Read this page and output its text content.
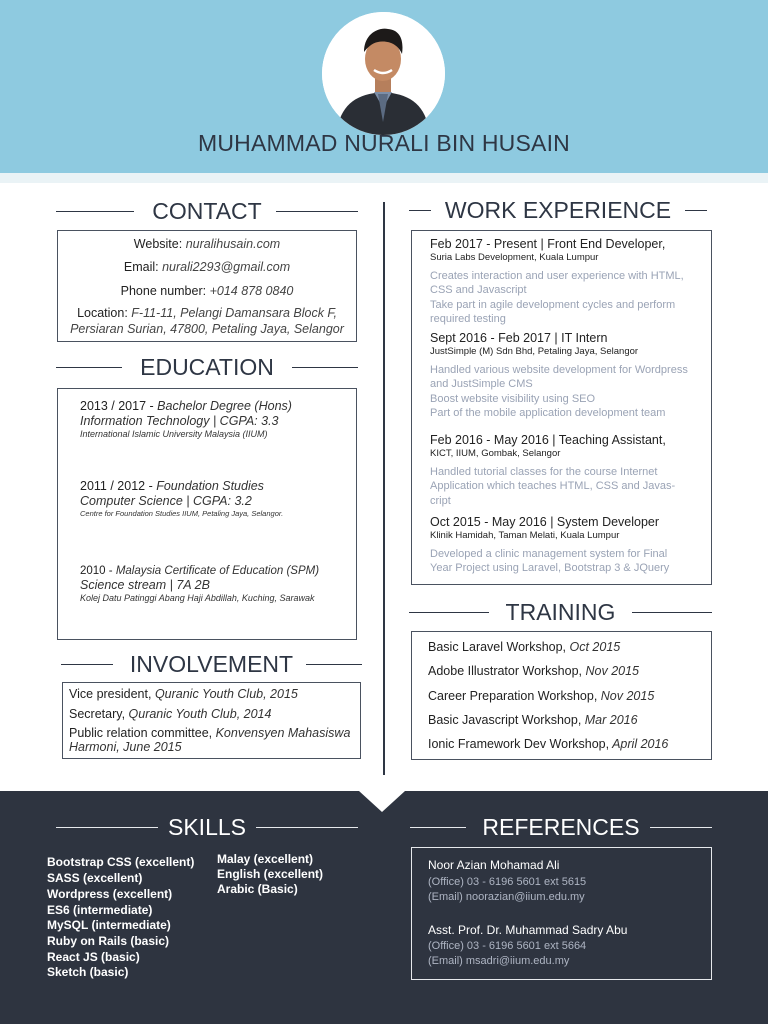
MUHAMMAD NURALI BIN HUSAIN
CONTACT
Website: nuralihusain.com
Email: nurali2293@gmail.com
Phone number: +014 878 0840
Location: F-11-11, Pelangi Damansara Block F,
Persiaran Surian, 47800, Petaling Jaya, Selangor
EDUCATION
2013 / 2017 - Bachelor Degree (Hons)
Information Technology | CGPA: 3.3
International Islamic University Malaysia (IIUM)
2011 / 2012 - Foundation Studies
Computer Science | CGPA: 3.2
Centre for Foundation Studies IIUM, Petaling Jaya, Selangor.
2010 - Malaysia Certificate of Education (SPM)
Science stream | 7A 2B
Kolej Datu Patinggi Abang Haji Abdillah, Kuching, Sarawak
INVOLVEMENT
Vice president, Quranic Youth Club, 2015
Secretary, Quranic Youth Club, 2014
Public relation committee, Konvensyen Mahasiswa
Harmoni, June 2015
WORK EXPERIENCE
Feb 2017 - Present | Front End Developer,
Suria Labs Development, Kuala Lumpur
Creates interaction and user experience with HTML,
CSS and Javascript
Take part in agile development cycles and perform
required testing
Sept 2016 - Feb 2017 | IT Intern
JustSimple (M) Sdn Bhd, Petaling Jaya, Selangor
Handled various website development for Wordpress
and JustSimple CMS
Boost website visibility using SEO
Part of the mobile application development team
Feb 2016 - May 2016 | Teaching Assistant,
KICT, IIUM, Gombak, Selangor
Handled tutorial classes for the course Internet
Application which teaches HTML, CSS and Javas-
cript
Oct 2015 - May 2016 | System Developer
Klinik Hamidah, Taman Melati, Kuala Lumpur
Developed a clinic management system for Final
Year Project using Laravel, Bootstrap 3 & JQuery
TRAINING
Basic Laravel Workshop, Oct 2015
Adobe Illustrator Workshop, Nov 2015
Career Preparation Workshop, Nov 2015
Basic Javascript Workshop, Mar 2016
Ionic Framework Dev Workshop, April 2016
SKILLS
Bootstrap CSS (excellent)
SASS (excellent)
Wordpress (excellent)
ES6 (intermediate)
MySQL (intermediate)
Ruby on Rails (basic)
React JS (basic)
Sketch (basic)
Malay (excellent)
English (excellent)
Arabic (Basic)
REFERENCES
Noor Azian Mohamad Ali
(Office) 03 - 6196 5601 ext 5615
(Email) noorazian@iium.edu.my
Asst. Prof. Dr. Muhammad Sadry Abu
(Office) 03 - 6196 5601 ext 5664
(Email) msadri@iium.edu.my
